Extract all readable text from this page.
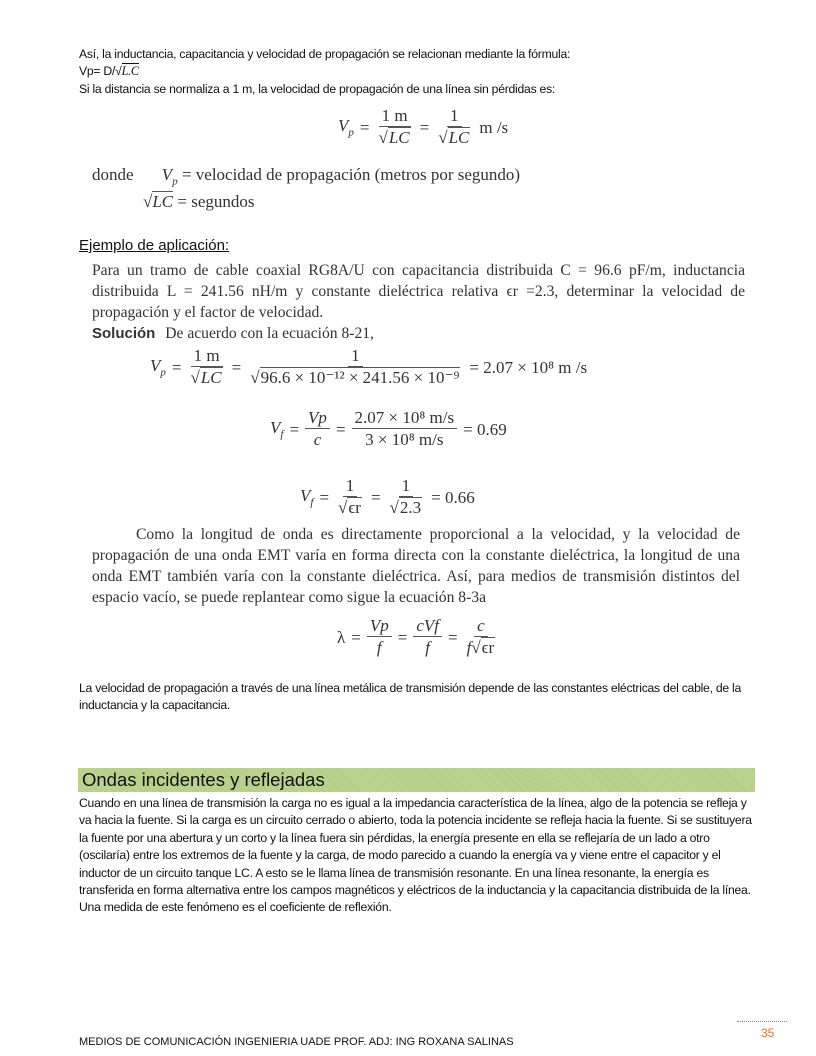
Así, la inductancia, capacitancia y velocidad de propagación se relacionan mediante la fórmula:
Vp= D/√L.C
Si la distancia se normaliza a 1 m, la velocidad de propagación de una línea sin pérdidas es:
$V_p = \frac{1 m}{√LC} = \frac{1}{√LC}$ m /s
donde $V_p$ = velocidad de propagación (metros por segundo)
√LC = segundos
Ejemplo de aplicación:
Para un tramo de cable coaxial RG8A/U con capacitancia distribuida C = 96.6 pF/m, inductancia distribuida L = 241.56 nH/m y constante dieléctrica relativa ϵr =2.3, determinar la velocidad de propagación y el factor de velocidad.
Solución De acuerdo con la ecuación 8-21,
$V_p = \frac{1 m}{√LC} = \frac{1}{\text{√96.6 × 10⁻¹² × 241.56 × 10⁻⁹}} = 2.07 \times 10^8$ m /s
$V_f = \frac{Vp}{c} = \frac{\text{2.07 × 10⁸ m/s}}{\text{3 × 10⁸ m/s}} = 0.69$
$V_f = \frac{1}{√\epsilon r} = \frac{1}{√2.3} = 0.66$
Como la longitud de onda es directamente proporcional a la velocidad, y la velocidad de propagación de una onda EMT varía en forma directa con la constante dieléctrica, la longitud de una onda EMT también varía con la constante dieléctrica. Así, para medios de transmisión distintos del espacio vacío, se puede replantear como sigue la ecuación 8-3a
$\lambda = \frac{Vp}{f} = \frac{\text{cVf}}{f} = \frac{c}{f√\epsilon r}$
La velocidad de propagación a través de una línea metálica de transmisión depende de las constantes eléctricas del cable, de la inductancia y la capacitancia.
Ondas incidentes y reflejadas
Cuando en una línea de transmisión la carga no es igual a la impedancia característica de la línea, algo de la potencia se refleja y va hacia la fuente. Si la carga es un circuito cerrado o abierto, toda la potencia incidente se refleja hacia la fuente. Si se sustituyera la fuente por una abertura y un corto y la línea fuera sin pérdidas, la energía presente en ella se reflejaría de un lado a otro (oscilaría) entre los extremos de la fuente y la carga, de modo parecido a cuando la energía va y viene entre el capacitor y el inductor de un circuito tanque LC. A esto se le llama línea de transmisión resonante. En una línea resonante, la energía es transferida en forma alternativa entre los campos magnéticos y eléctricos de la inductancia y la capacitancia distribuida de la línea. Una medida de este fenómeno es el coeficiente de reflexión.
35
MEDIOS DE COMUNICACIÓN INGENIERIA UADE PROF. ADJ: ING ROXANA SALINAS
